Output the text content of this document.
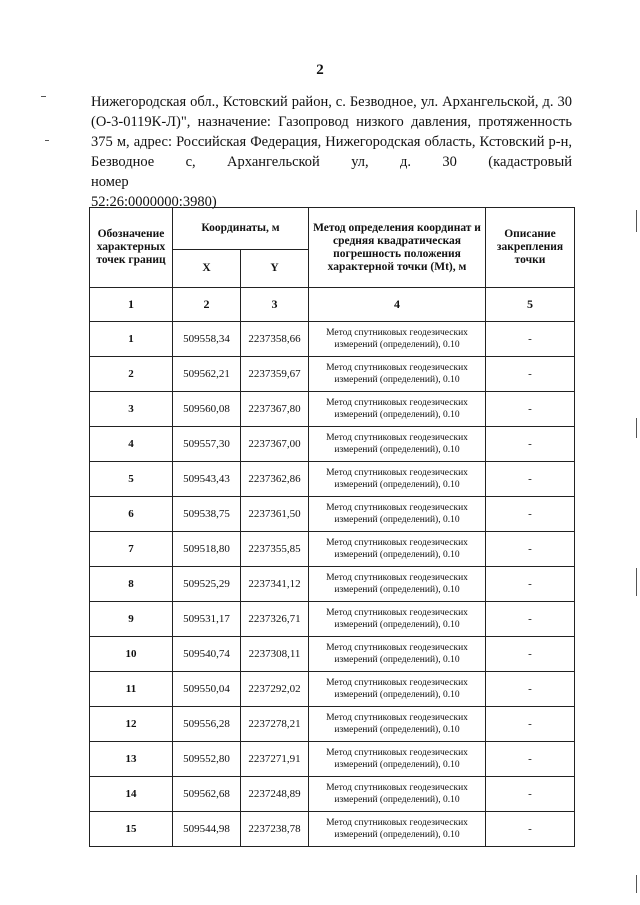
2

Нижегородская обл., Кстовский район, с. Безводное, ул. Архангельской, д. 30

(О-3-0119К-Л)", назначение: Газопровод низкого давления, протяженность

375 м, адрес: Российская Федерация, Нижегородская область, Кстовский р-н,

Безводное с, Архангельской ул, д. 30 (кадастровый номер

52:26:0000000:3980)

Обозначение характерных точек границ	Координаты, м		Метод определения координат и средняя квадратическая погрешность положения характерной точки (Mt), м	Описание закрепления точки
	X	Y		
1	2	3	4	5
1	509558,34	2237358,66	Метод спутниковых геодезических измерений (определений), 0.10	-
2	509562,21	2237359,67	Метод спутниковых геодезических измерений (определений), 0.10	-
3	509560,08	2237367,80	Метод спутниковых геодезических измерений (определений), 0.10	-
4	509557,30	2237367,00	Метод спутниковых геодезических измерений (определений), 0.10	-
5	509543,43	2237362,86	Метод спутниковых геодезических измерений (определений), 0.10	-
6	509538,75	2237361,50	Метод спутниковых геодезических измерений (определений), 0.10	-
7	509518,80	2237355,85	Метод спутниковых геодезических измерений (определений), 0.10	-
8	509525,29	2237341,12	Метод спутниковых геодезических измерений (определений), 0.10	-
9	509531,17	2237326,71	Метод спутниковых геодезических измерений (определений), 0.10	-
10	509540,74	2237308,11	Метод спутниковых геодезических измерений (определений), 0.10	-
11	509550,04	2237292,02	Метод спутниковых геодезических измерений (определений), 0.10	-
12	509556,28	2237278,21	Метод спутниковых геодезических измерений (определений), 0.10	-
13	509552,80	2237271,91	Метод спутниковых геодезических измерений (определений), 0.10	-
14	509562,68	2237248,89	Метод спутниковых геодезических измерений (определений), 0.10	-
15	509544,98	2237238,78	Метод спутниковых геодезических измерений (определений), 0.10	-
